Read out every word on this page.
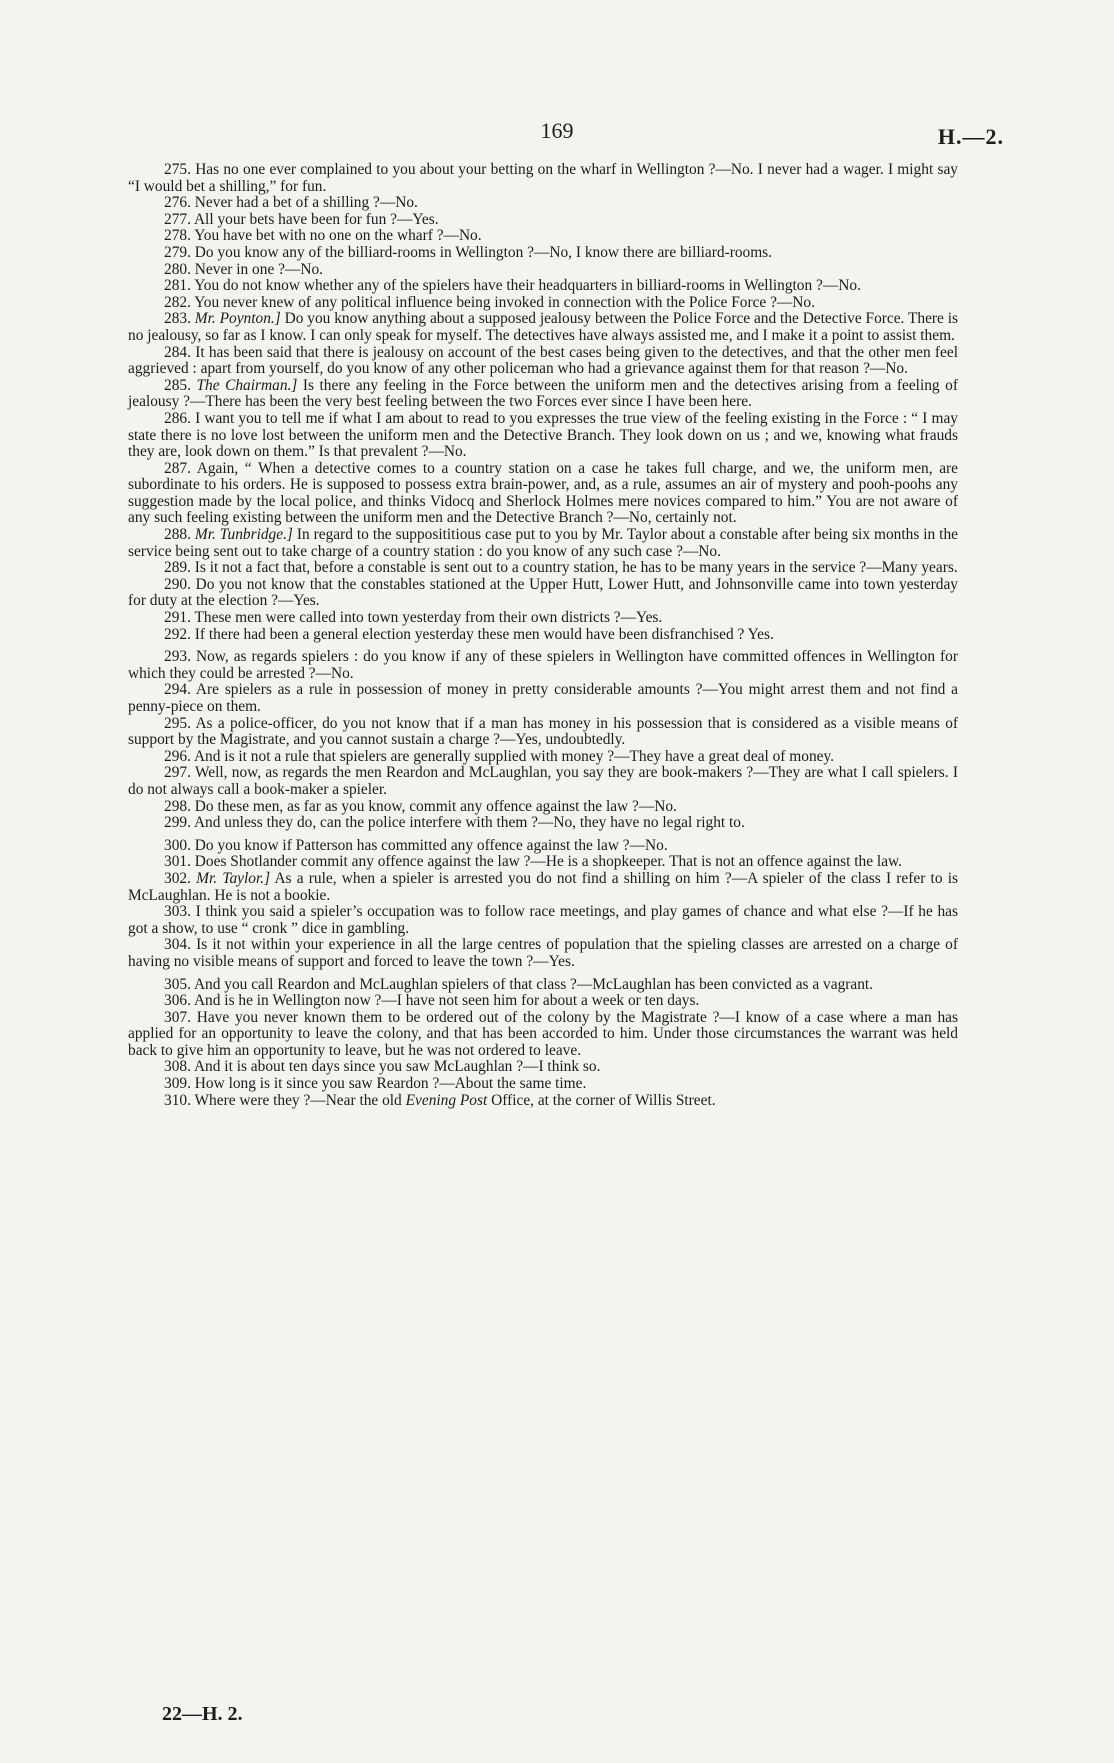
169	H.—2.

275. Has no one ever complained to you about your betting on the wharf in Wellington ?—No. I never had a wager. I might say “I would bet a shilling,” for fun.

276. Never had a bet of a shilling ?—No.

277. All your bets have been for fun ?—Yes.

278. You have bet with no one on the wharf ?—No.

279. Do you know any of the billiard-rooms in Wellington ?—No, I know there are billiard-rooms.

280. Never in one ?—No.

281. You do not know whether any of the spielers have their headquarters in billiard-rooms in Wellington ?—No.

282. You never knew of any political influence being invoked in connection with the Police Force ?—No.

283. Mr. Poynton.] Do you know anything about a supposed jealousy between the Police Force and the Detective Force. There is no jealousy, so far as I know. I can only speak for myself. The detectives have always assisted me, and I make it a point to assist them.

284. It has been said that there is jealousy on account of the best cases being given to the detectives, and that the other men feel aggrieved : apart from yourself, do you know of any other policeman who had a grievance against them for that reason ?—No.

285. The Chairman.] Is there any feeling in the Force between the uniform men and the detectives arising from a feeling of jealousy ?—There has been the very best feeling between the two Forces ever since I have been here.

286. I want you to tell me if what I am about to read to you expresses the true view of the feeling existing in the Force : “ I may state there is no love lost between the uniform men and the Detective Branch. They look down on us ; and we, knowing what frauds they are, look down on them.” Is that prevalent ?—No.

287. Again, “ When a detective comes to a country station on a case he takes full charge, and we, the uniform men, are subordinate to his orders. He is supposed to possess extra brain-power, and, as a rule, assumes an air of mystery and pooh-poohs any suggestion made by the local police, and thinks Vidocq and Sherlock Holmes mere novices compared to him.” You are not aware of any such feeling existing between the uniform men and the Detective Branch ?—No, certainly not.

288. Mr. Tunbridge.] In regard to the supposititious case put to you by Mr. Taylor about a constable after being six months in the service being sent out to take charge of a country station : do you know of any such case ?—No.

289. Is it not a fact that, before a constable is sent out to a country station, he has to be many years in the service ?—Many years.

290. Do you not know that the constables stationed at the Upper Hutt, Lower Hutt, and Johnsonville came into town yesterday for duty at the election ?—Yes.

291. These men were called into town yesterday from their own districts ?—Yes.

292. If there had been a general election yesterday these men would have been disfranchised ? Yes.

293. Now, as regards spielers : do you know if any of these spielers in Wellington have committed offences in Wellington for which they could be arrested ?—No.

294. Are spielers as a rule in possession of money in pretty considerable amounts ?—You might arrest them and not find a penny-piece on them.

295. As a police-officer, do you not know that if a man has money in his possession that is considered as a visible means of support by the Magistrate, and you cannot sustain a charge ?—Yes, undoubtedly.

296. And is it not a rule that spielers are generally supplied with money ?—They have a great deal of money.

297. Well, now, as regards the men Reardon and McLaughlan, you say they are book-makers ?—They are what I call spielers. I do not always call a book-maker a spieler.

298. Do these men, as far as you know, commit any offence against the law ?—No.

299. And unless they do, can the police interfere with them ?—No, they have no legal right to.

300. Do you know if Patterson has committed any offence against the law ?—No.

301. Does Shotlander commit any offence against the law ?—He is a shopkeeper. That is not an offence against the law.

302. Mr. Taylor.] As a rule, when a spieler is arrested you do not find a shilling on him ?—A spieler of the class I refer to is McLaughlan. He is not a bookie.

303. I think you said a spieler’s occupation was to follow race meetings, and play games of chance and what else ?—If he has got a show, to use “ cronk ” dice in gambling.

304. Is it not within your experience in all the large centres of population that the spieling classes are arrested on a charge of having no visible means of support and forced to leave the town ?—Yes.

305. And you call Reardon and McLaughlan spielers of that class ?—McLaughlan has been convicted as a vagrant.

306. And is he in Wellington now ?—I have not seen him for about a week or ten days.

307. Have you never known them to be ordered out of the colony by the Magistrate ?—I know of a case where a man has applied for an opportunity to leave the colony, and that has been accorded to him. Under those circumstances the warrant was held back to give him an opportunity to leave, but he was not ordered to leave.

308. And it is about ten days since you saw McLaughlan ?—I think so.

309. How long is it since you saw Reardon ?—About the same time.

310. Where were they ?—Near the old Evening Post Office, at the corner of Willis Street.

22—H. 2.
